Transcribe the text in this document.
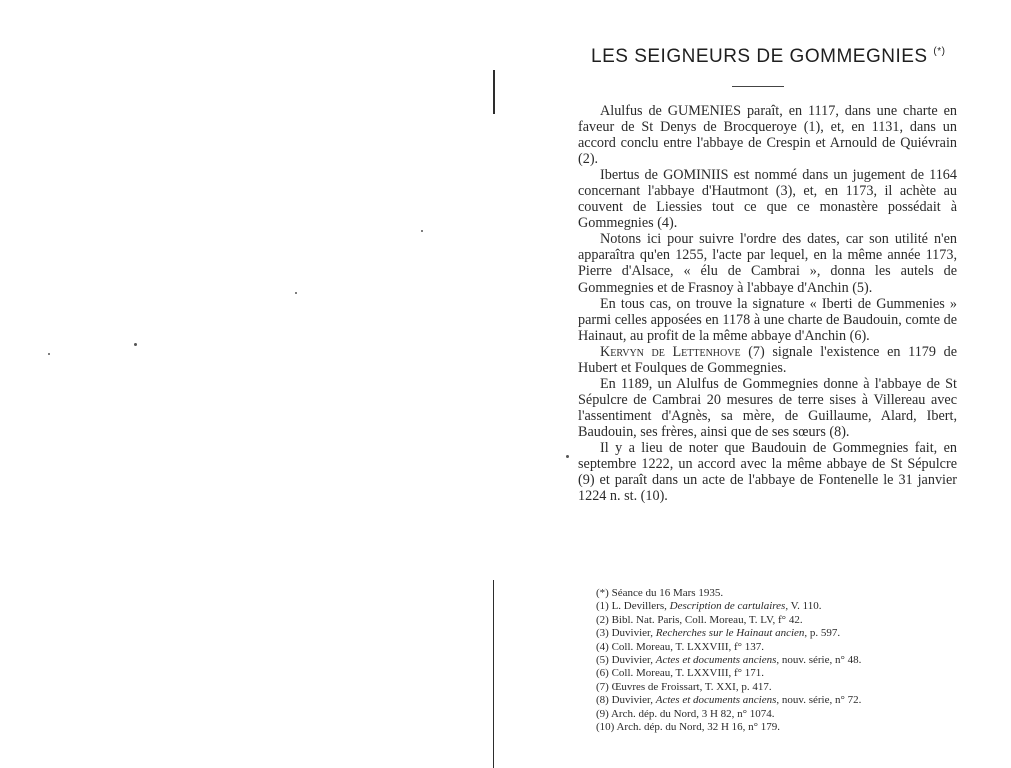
LES SEIGNEURS DE GOMMEGNIES (*)

Alulfus de GUMENIES paraît, en 1117, dans une charte en faveur de St Denys de Brocqueroye (1), et, en 1131, dans un accord conclu entre l'abbaye de Crespin et Arnould de Quiévrain (2).

Ibertus de GOMINIIS est nommé dans un jugement de 1164 concernant l'abbaye d'Hautmont (3), et, en 1173, il achète au couvent de Liessies tout ce que ce monastère possédait à Gommegnies (4).

Notons ici pour suivre l'ordre des dates, car son utilité n'en apparaîtra qu'en 1255, l'acte par lequel, en la même année 1173, Pierre d'Alsace, « élu de Cambrai », donna les autels de Gommegnies et de Frasnoy à l'abbaye d'Anchin (5).

En tous cas, on trouve la signature « Iberti de Gummenies » parmi celles apposées en 1178 à une charte de Baudouin, comte de Hainaut, au profit de la même abbaye d'Anchin (6).

Kervyn de Lettenhove (7) signale l'existence en 1179 de Hubert et Foulques de Gommegnies.

En 1189, un Alulfus de Gommegnies donne à l'abbaye de St Sépulcre de Cambrai 20 mesures de terre sises à Villereau avec l'assentiment d'Agnès, sa mère, de Guillaume, Alard, Ibert, Baudouin, ses frères, ainsi que de ses sœurs (8).

Il y a lieu de noter que Baudouin de Gommegnies fait, en septembre 1222, un accord avec la même abbaye de St Sépulcre (9) et paraît dans un acte de l'abbaye de Fontenelle le 31 janvier 1224 n. st. (10).

(*) Séance du 16 Mars 1935.
(1) L. Devillers, Description de cartulaires, V. 110.
(2) Bibl. Nat. Paris, Coll. Moreau, T. LV, f° 42.
(3) Duvivier, Recherches sur le Hainaut ancien, p. 597.
(4) Coll. Moreau, T. LXXVIII, f° 137.
(5) Duvivier, Actes et documents anciens, nouv. série, n° 48.
(6) Coll. Moreau, T. LXXVIII, f° 171.
(7) Œuvres de Froissart, T. XXI, p. 417.
(8) Duvivier, Actes et documents anciens, nouv. série, n° 72.
(9) Arch. dép. du Nord, 3 H 82, n° 1074.
(10) Arch. dép. du Nord, 32 H 16, n° 179.
